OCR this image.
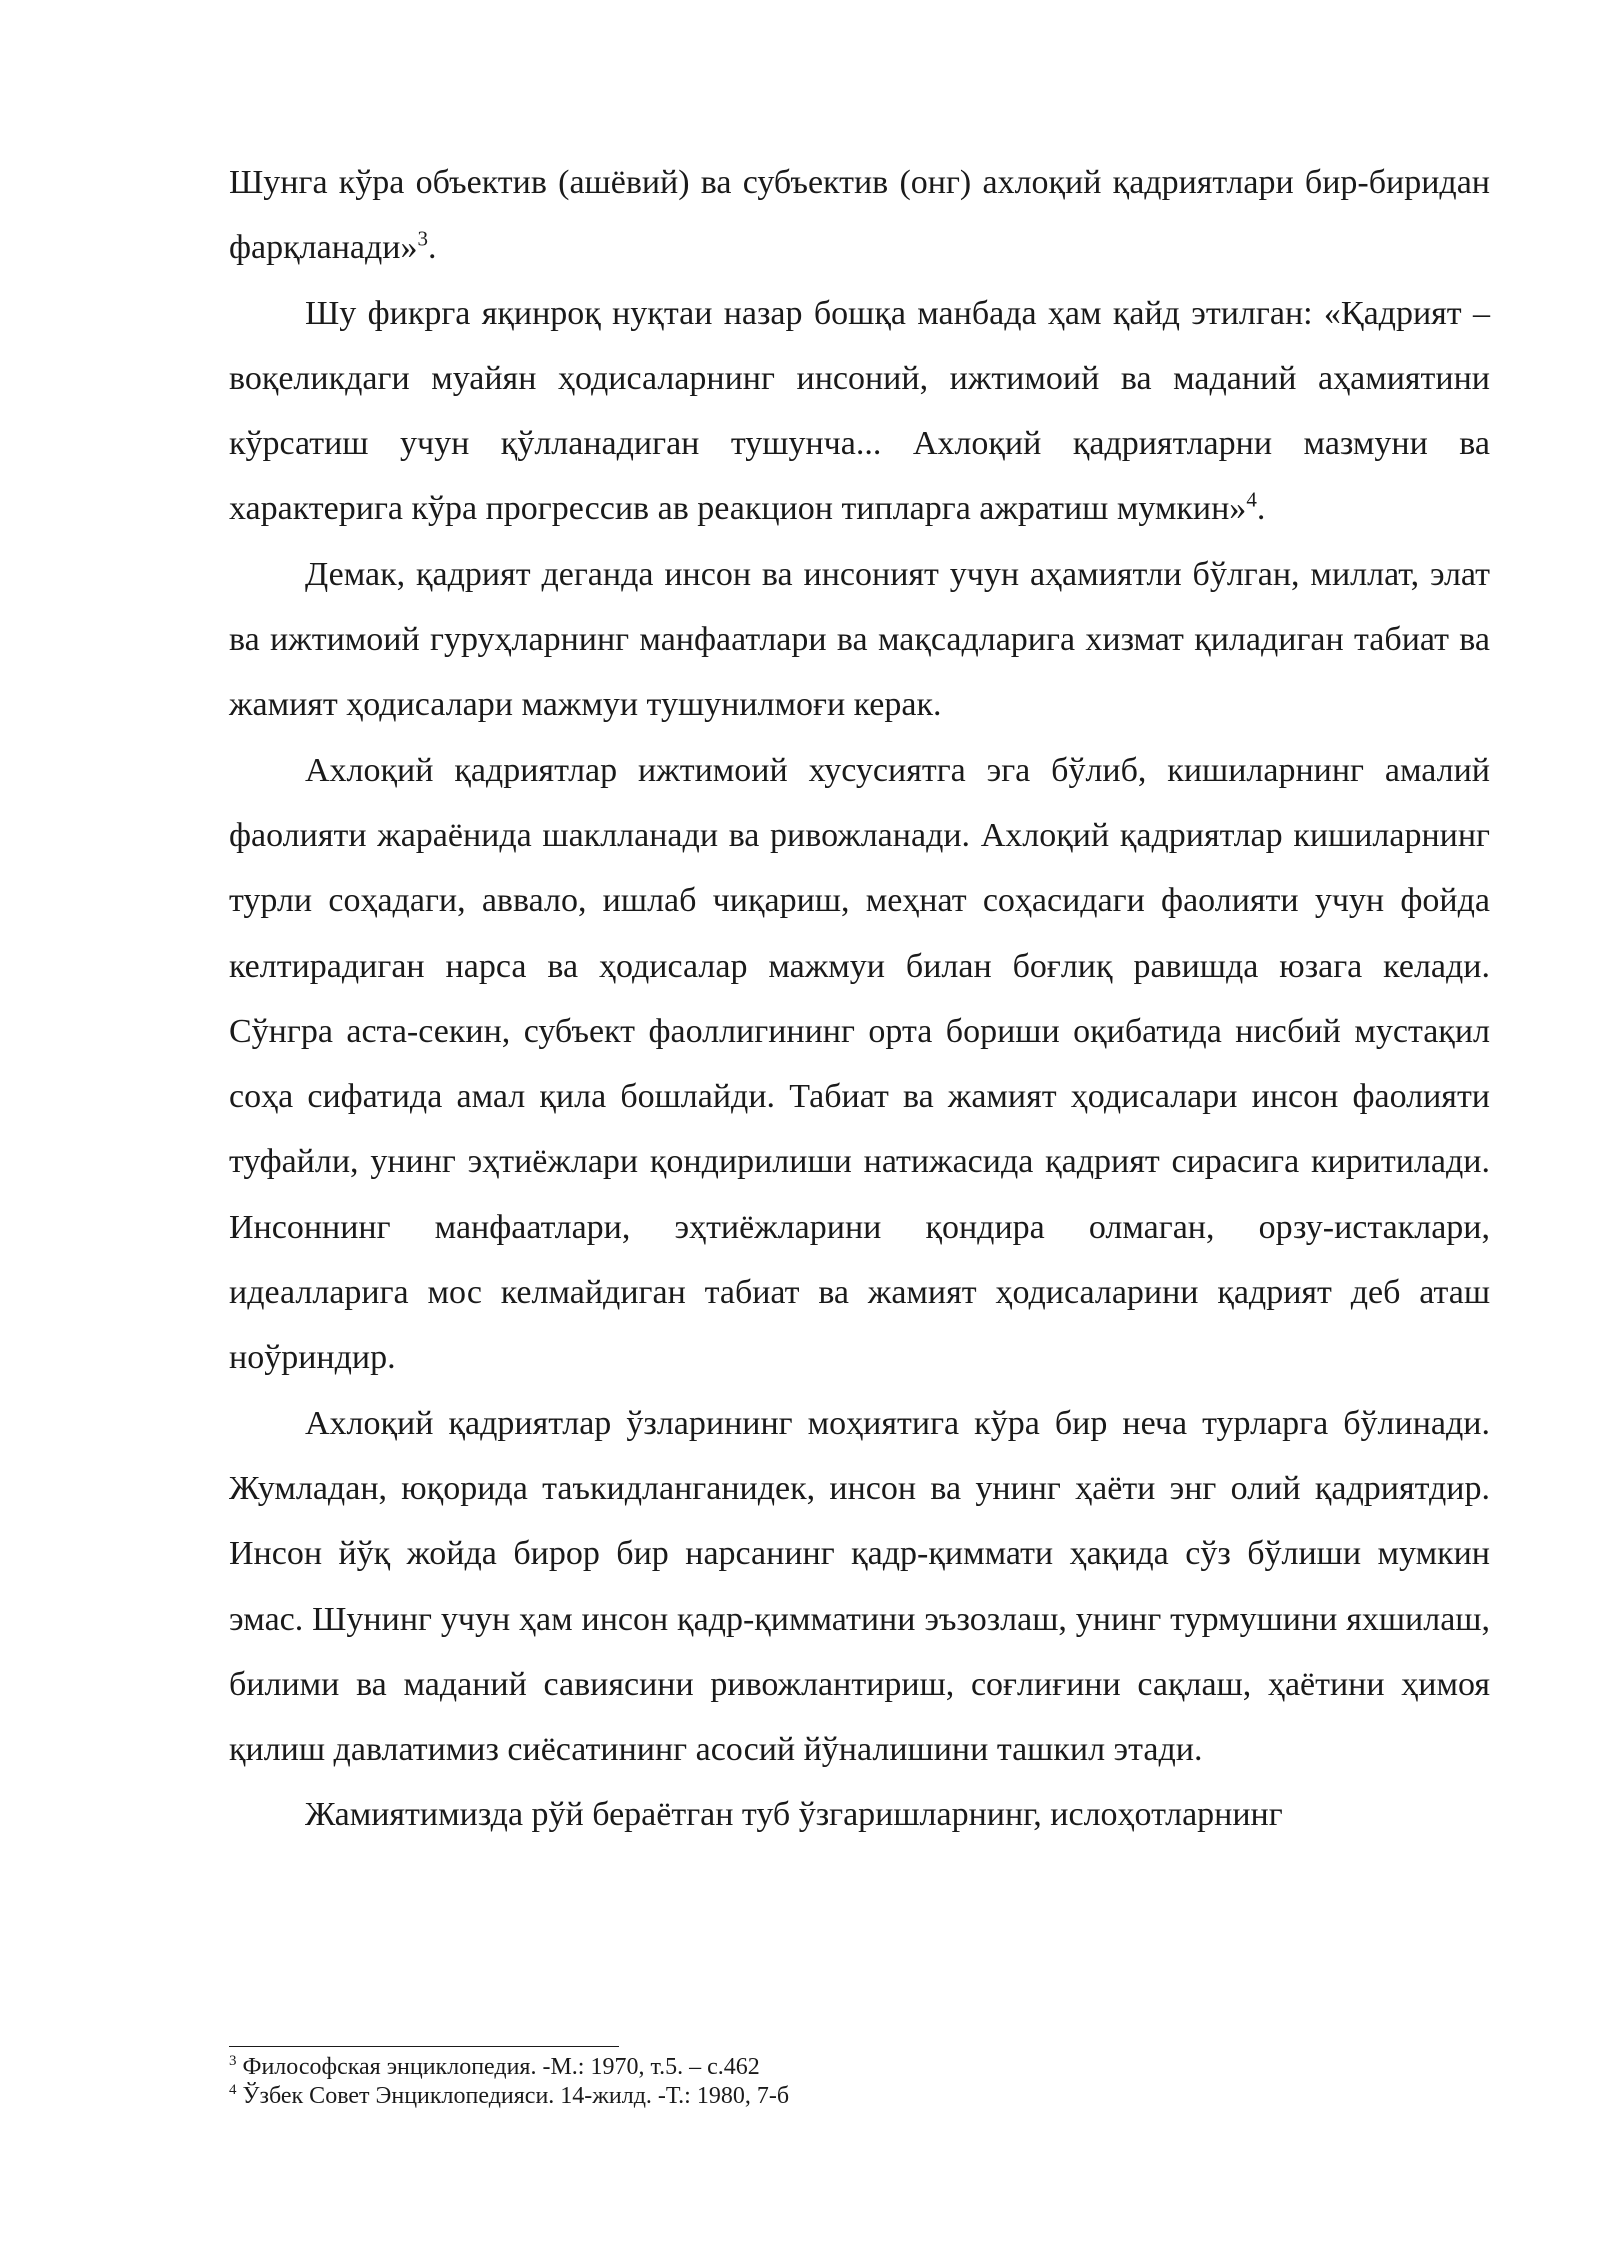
Шунга кўра объектив (ашёвий) ва субъектив (онг) ахлоқий қадриятлари бир-биридан фарқланади»$^3$.

Шу фикрга яқинроқ нуқтаи назар бошқа манбада ҳам қайд этилган: «Қадрият – воқеликдаги муайян ҳодисаларнинг инсоний, ижтимоий ва маданий аҳамиятини кўрсатиш учун қўлланадиган тушунча... Ахлоқий қадриятларни мазмуни ва характерига кўра прогрессив ав реакцион типларга ажратиш мумкин»$^4$.

Демак, қадрият деганда инсон ва инсоният учун аҳамиятли бўлган, миллат, элат ва ижтимоий гуруҳларнинг манфаатлари ва мақсадларига хизмат қиладиган табиат ва жамият ҳодисалари мажмуи тушунилмоғи керак.

Ахлоқий қадриятлар ижтимоий хусусиятга эга бўлиб, кишиларнинг амалий фаолияти жараёнида шаклланади ва ривожланади. Ахлоқий қадриятлар кишиларнинг турли соҳадаги, аввало, ишлаб чиқариш, меҳнат соҳасидаги фаолияти учун фойда келтирадиган нарса ва ҳодисалар мажмуи билан боғлиқ равишда юзага келади. Сўнгра аста-секин, субъект фаоллигининг орта бориши оқибатида нисбий мустақил соҳа сифатида амал қила бошлайди. Табиат ва жамият ҳодисалари инсон фаолияти туфайли, унинг эҳтиёжлари қондирилиши натижасида қадрият сирасига киритилади. Инсоннинг манфаатлари, эҳтиёжларини қондира олмаган, орзу-истаклари, идеалларига мос келмайдиган табиат ва жамият ҳодисаларини қадрият деб аташ ноўриндир.

Ахлоқий қадриятлар ўзларининг моҳиятига кўра бир неча турларга бўлинади. Жумладан, юқорида таъкидланганидек, инсон ва унинг ҳаёти энг олий қадриятдир. Инсон йўқ жойда бирор бир нарсанинг қадр-қиммати ҳақида сўз бўлиши мумкин эмас. Шунинг учун ҳам инсон қадр-қимматини эъзозлаш, унинг турмушини яхшилаш, билими ва маданий савиясини ривожлантириш, соғлиғини сақлаш, ҳаётини ҳимоя қилиш давлатимиз сиёсатининг асосий йўналишини ташкил этади.

Жамиятимизда рўй бераётган туб ўзгаришларнинг, ислоҳотларнинг

$^3$ Философская энциклопедия. -М.: 1970, т.5. – с.462

$^4$ Ўзбек Совет Энциклопедияси. 14-жилд. -Т.: 1980, 7-б
